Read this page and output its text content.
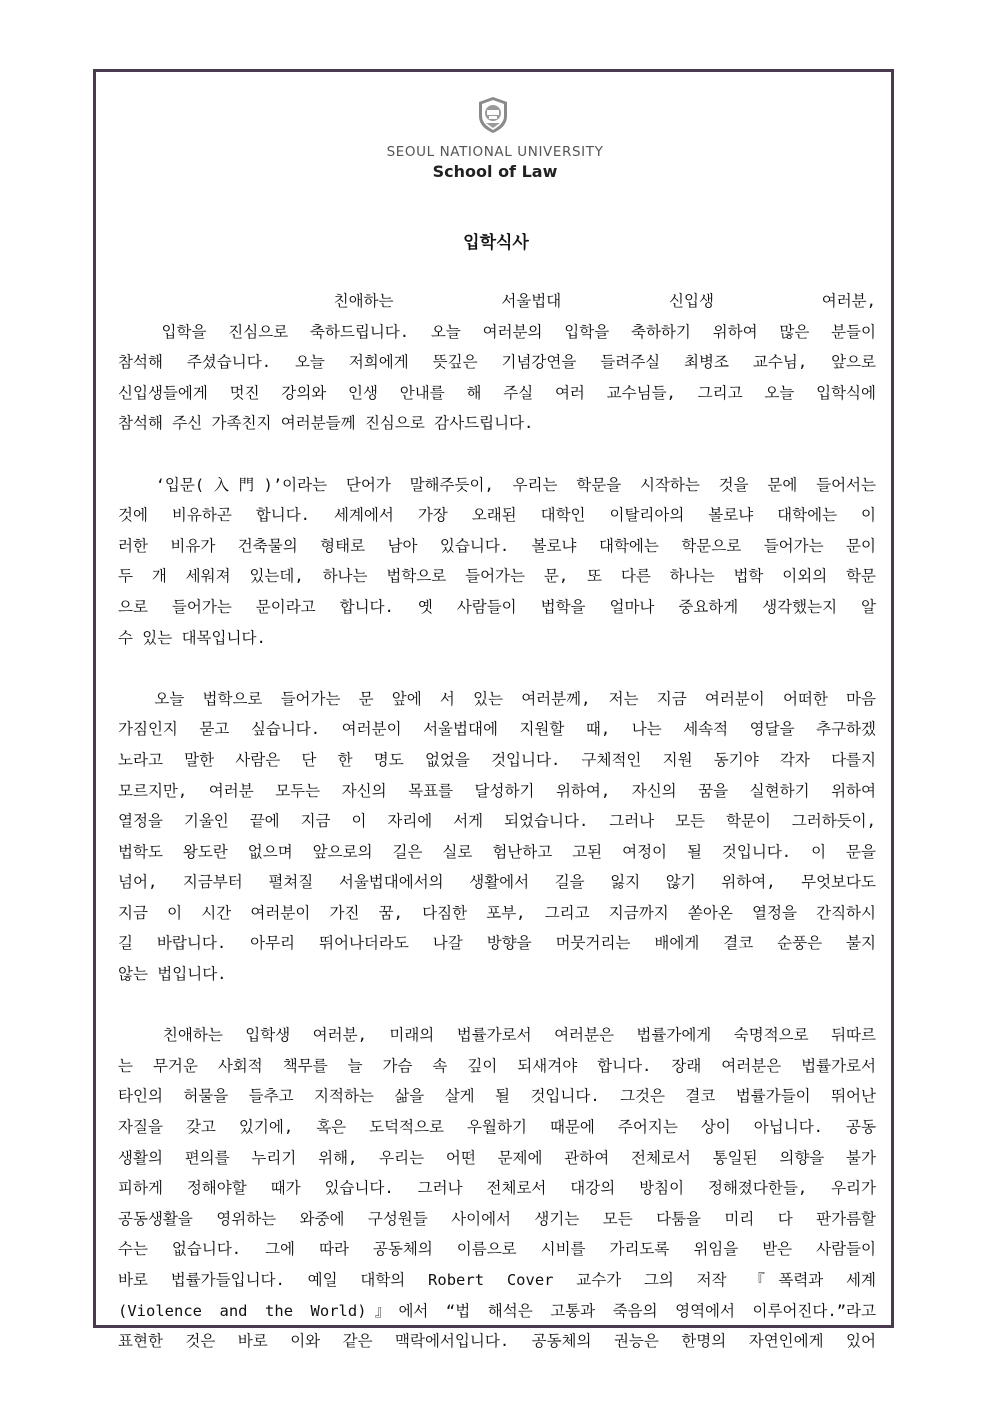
SEOUL NATIONAL UNIVERSITY
School of Law
입학식사
친애하는 서울법대 신입생 여러분,
입학을 진심으로 축하드립니다. 오늘 여러분의 입학을 축하하기 위하여 많은 분들이
참석해 주셨습니다. 오늘 저희에게 뜻깊은 기념강연을 들려주실 최병조 교수님, 앞으로
신입생들에게 멋진 강의와 인생 안내를 해 주실 여러 교수님들, 그리고 오늘 입학식에
참석해 주신 가족친지 여러분들께 진심으로 감사드립니다.
‘입문(入門)’이라는 단어가 말해주듯이, 우리는 학문을 시작하는 것을 문에 들어서는
것에 비유하곤 합니다. 세계에서 가장 오래된 대학인 이탈리아의 볼로냐 대학에는 이
러한 비유가 건축물의 형태로 남아 있습니다. 볼로냐 대학에는 학문으로 들어가는 문이
두 개 세워져 있는데, 하나는 법학으로 들어가는 문, 또 다른 하나는 법학 이외의 학문
으로 들어가는 문이라고 합니다. 옛 사람들이 법학을 얼마나 중요하게 생각했는지 알
수 있는 대목입니다.
오늘 법학으로 들어가는 문 앞에 서 있는 여러분께, 저는 지금 여러분이 어떠한 마음
가짐인지 묻고 싶습니다. 여러분이 서울법대에 지원할 때, 나는 세속적 영달을 추구하겠
노라고 말한 사람은 단 한 명도 없었을 것입니다. 구체적인 지원 동기야 각자 다를지
모르지만, 여러분 모두는 자신의 목표를 달성하기 위하여, 자신의 꿈을 실현하기 위하여
열정을 기울인 끝에 지금 이 자리에 서게 되었습니다. 그러나 모든 학문이 그러하듯이,
법학도 왕도란 없으며 앞으로의 길은 실로 험난하고 고된 여정이 될 것입니다. 이 문을
넘어, 지금부터 펼쳐질 서울법대에서의 생활에서 길을 잃지 않기 위하여, 무엇보다도
지금 이 시간 여러분이 가진 꿈, 다짐한 포부, 그리고 지금까지 쏟아온 열정을 간직하시
길 바랍니다. 아무리 뛰어나더라도 나갈 방향을 머뭇거리는 배에게 결코 순풍은 불지
않는 법입니다.
친애하는 입학생 여러분, 미래의 법률가로서 여러분은 법률가에게 숙명적으로 뒤따르
는 무거운 사회적 책무를 늘 가슴 속 깊이 되새겨야 합니다. 장래 여러분은 법률가로서
타인의 허물을 들추고 지적하는 삶을 살게 될 것입니다. 그것은 결코 법률가들이 뛰어난
자질을 갖고 있기에, 혹은 도덕적으로 우월하기 때문에 주어지는 상이 아닙니다. 공동
생활의 편의를 누리기 위해, 우리는 어떤 문제에 관하여 전체로서 통일된 의향을 불가
피하게 정해야할 때가 있습니다. 그러나 전체로서 대강의 방침이 정해졌다한들, 우리가
공동생활을 영위하는 와중에 구성원들 사이에서 생기는 모든 다툼을 미리 다 판가름할
수는 없습니다. 그에 따라 공동체의 이름으로 시비를 가리도록 위임을 받은 사람들이
바로 법률가들입니다. 예일 대학의 Robert Cover 교수가 그의 저작 『폭력과 세계
(Violence and the World)』에서 “법 해석은 고통과 죽음의 영역에서 이루어진다.”라고
표현한 것은 바로 이와 같은 맥락에서입니다. 공동체의 권능은 한명의 자연인에게 있어
